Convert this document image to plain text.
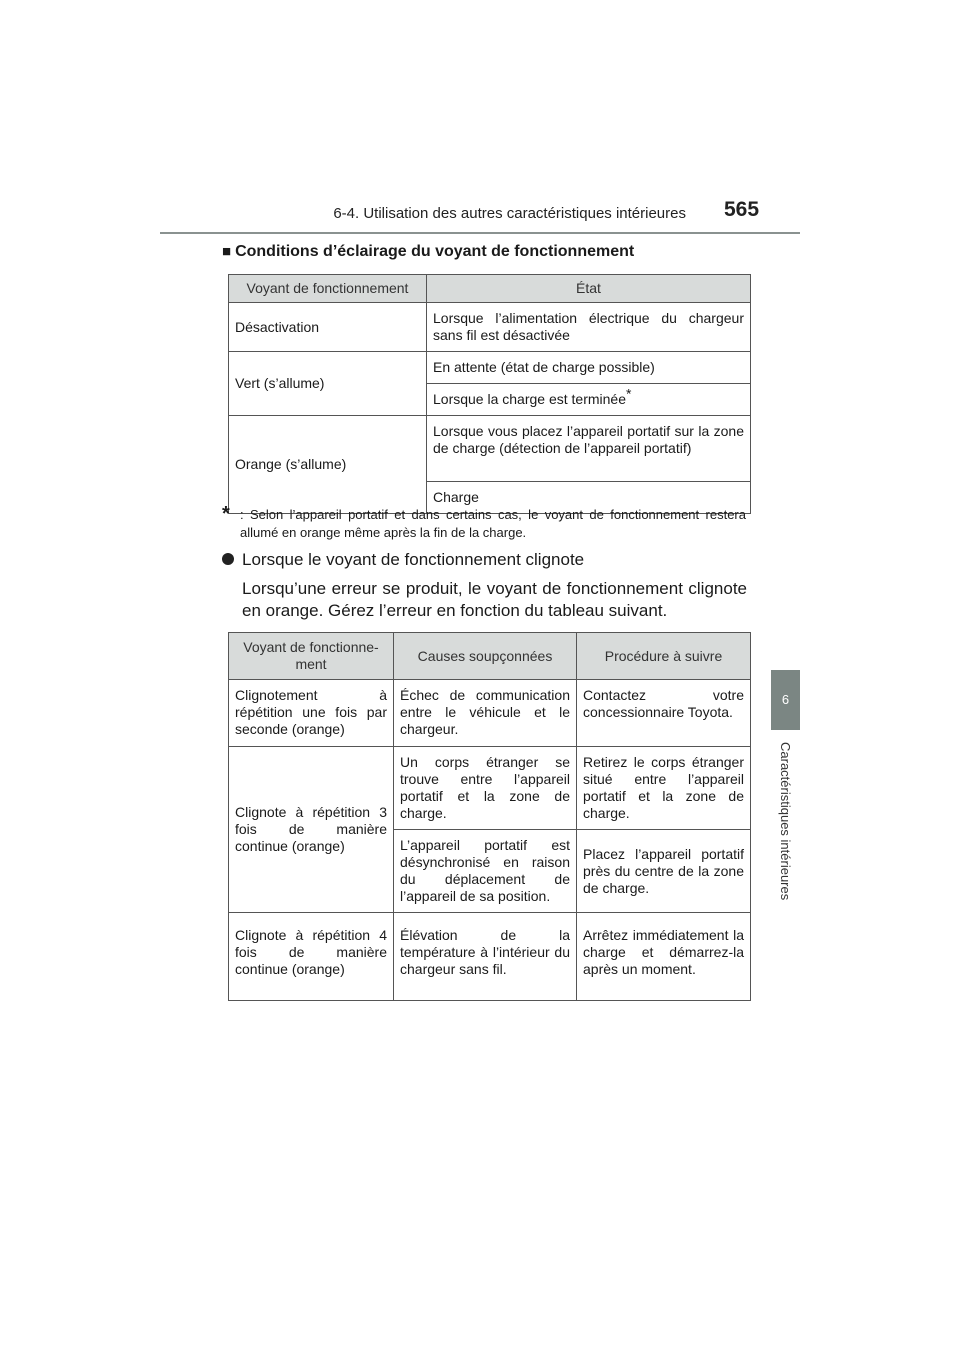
6-4. Utilisation des autres caractéristiques intérieures 565
6
Caractéristiques intérieures
■ Conditions d’éclairage du voyant de fonctionnement
Voyant de fonctionnement	État
Désactivation	Lorsque l’alimentation électrique du chargeur sans fil est désactivée
Vert (s’allume)	En attente (état de charge possible)
	Lorsque la charge est terminée*
Orange (s’allume)	Lorsque vous placez l’appareil portatif sur la zone de charge (détection de l’appareil portatif)
	Charge
* : Selon l’appareil portatif et dans certains cas, le voyant de fonctionnement restera allumé en orange même après la fin de la charge.
Lorsque le voyant de fonctionnement clignote
Lorsqu’une erreur se produit, le voyant de fonctionnement clignote en orange. Gérez l’erreur en fonction du tableau suivant.
Voyant de fonctionne-ment	Causes soupçonnées	Procédure à suivre
Clignotement à répétition une fois par seconde (orange)	Échec de communication entre le véhicule et le chargeur.	Contactez votre concessionnaire Toyota.
Clignote à répétition 3 fois de manière continue (orange)	Un corps étranger se trouve entre l’appareil portatif et la zone de charge.	Retirez le corps étranger situé entre l’appareil portatif et la zone de charge.
	L’appareil portatif est désynchronisé en raison du déplacement de l’appareil de sa position.	Placez l’appareil portatif près du centre de la zone de charge.
Clignote à répétition 4 fois de manière continue (orange)	Élévation de la température à l’intérieur du chargeur sans fil.	Arrêtez immédiatement la charge et démarrez-la après un moment.
